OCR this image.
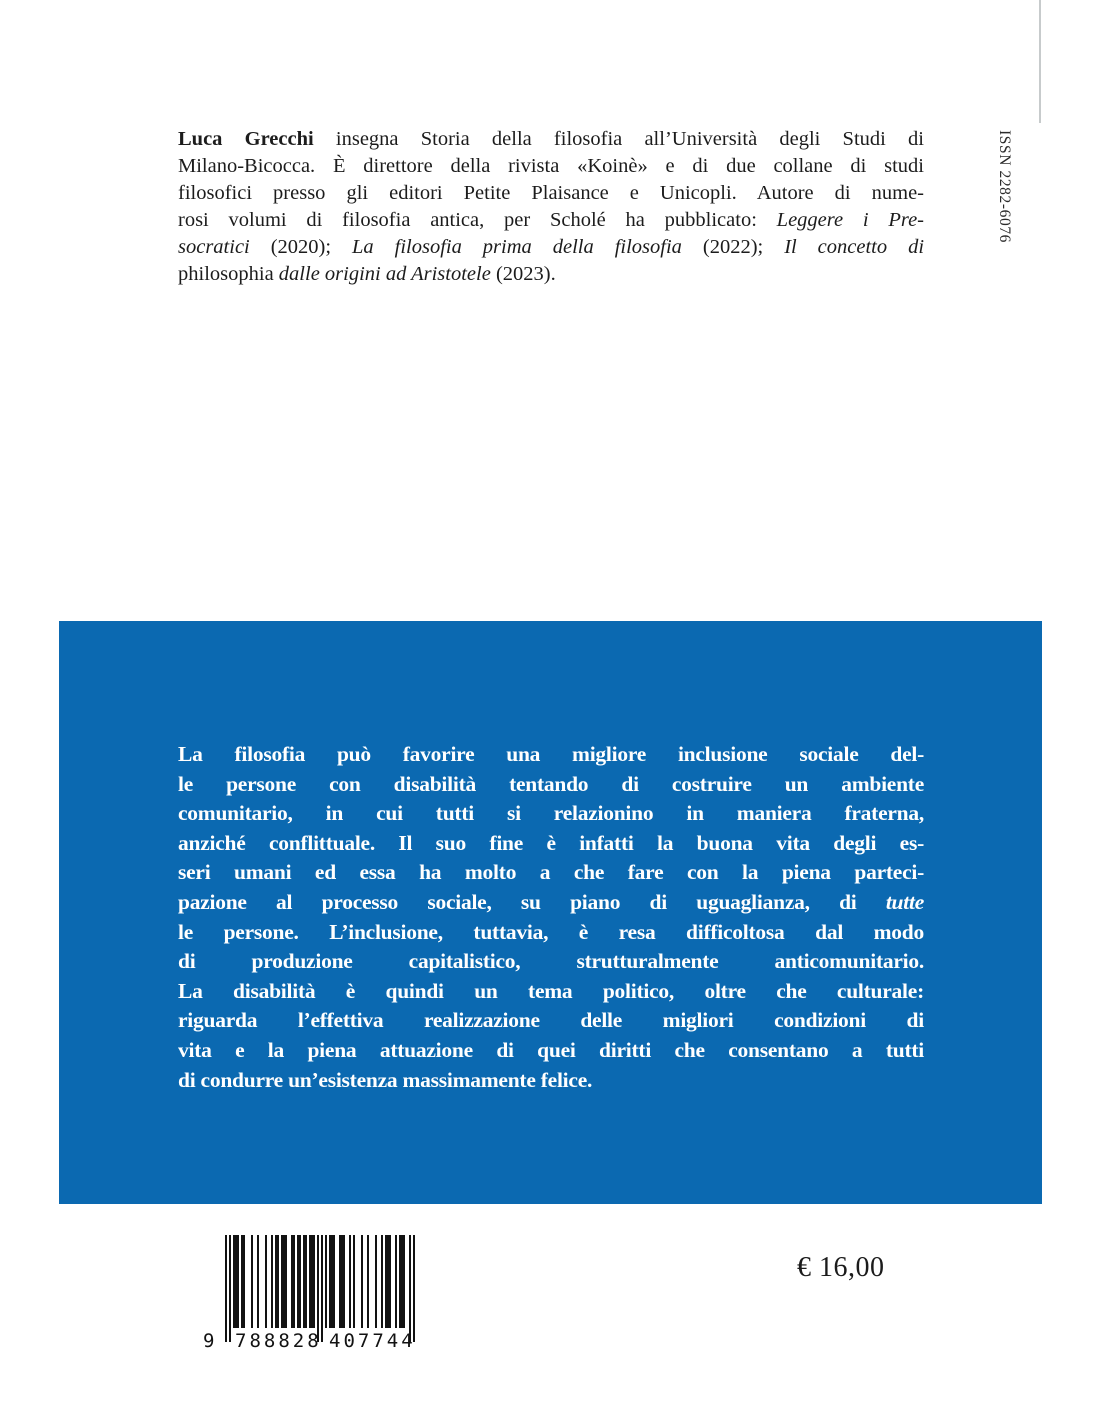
Luca Grecchi insegna Storia della filosofia all’Università degli Studi di
Milano-Bicocca. È direttore della rivista «Koinè» e di due collane di studi
filosofici presso gli editori Petite Plaisance e Unicopli. Autore di nume-
rosi volumi di filosofia antica, per Scholé ha pubblicato: Leggere i Pre-
socratici (2020); La filosofia prima della filosofia (2022); Il concetto di
philosophia dalle origini ad Aristotele (2023).
ISSN 2282-6076
La filosofia può favorire una migliore inclusione sociale del-
le persone con disabilità tentando di costruire un ambiente
comunitario, in cui tutti si relazionino in maniera fraterna,
anziché conflittuale. Il suo fine è infatti la buona vita degli es-
seri umani ed essa ha molto a che fare con la piena parteci-
pazione al processo sociale, su piano di uguaglianza, di tutte
le persone. L’inclusione, tuttavia, è resa difficoltosa dal modo
di produzione capitalistico, strutturalmente anticomunitario.
La disabilità è quindi un tema politico, oltre che culturale:
riguarda l’effettiva realizzazione delle migliori condizioni di
vita e la piena attuazione di quei diritti che consentano a tutti
di condurre un’esistenza massimamente felice.
9 788828 407744
€ 16,00
